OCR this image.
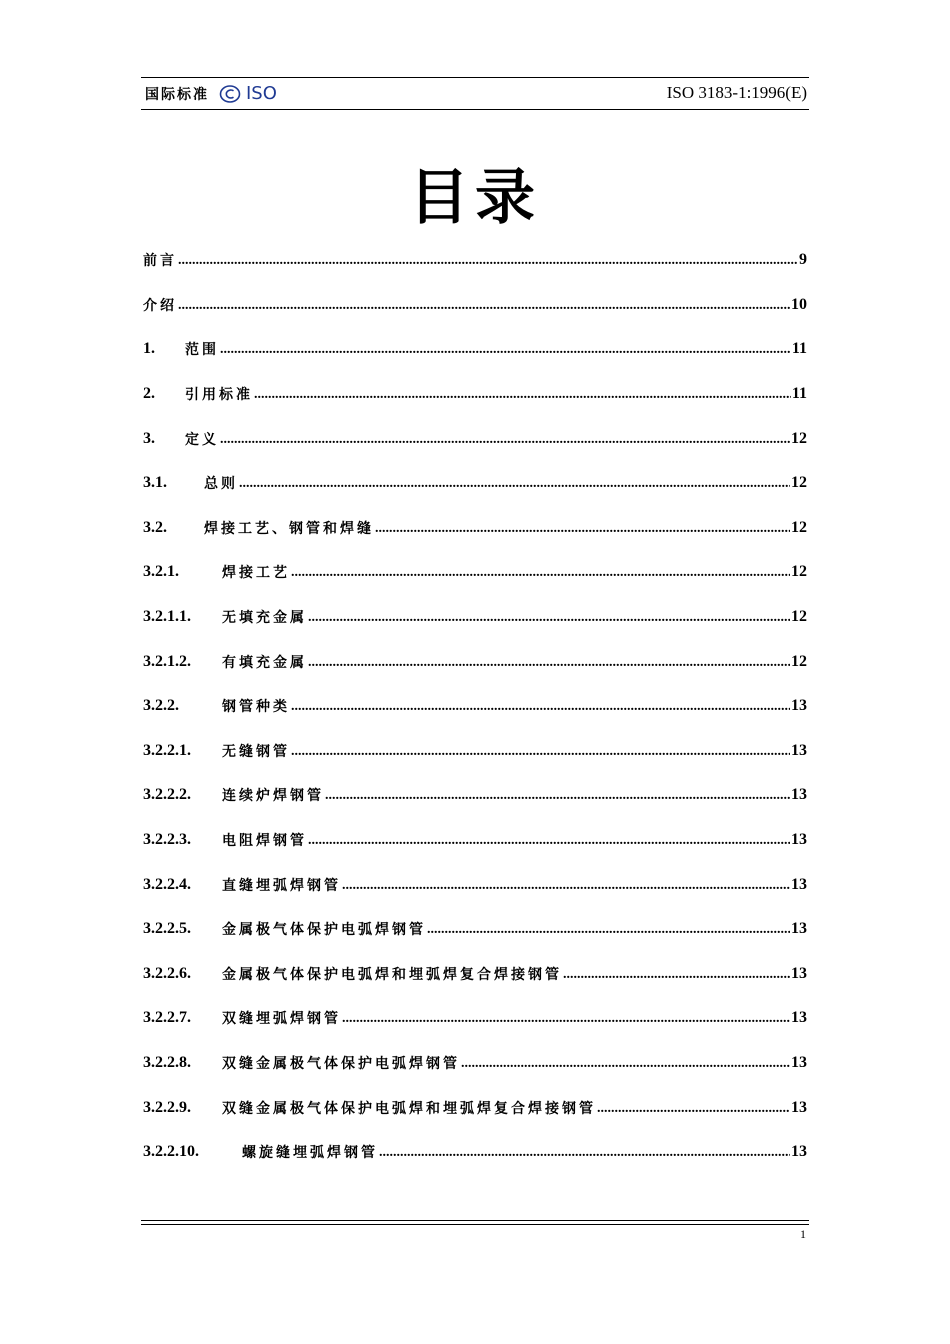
国际标准 ISO	ISO 3183-1:1996(E)
目录
前言 .....	9
介绍 .....	10
1.	范围 .....	11
2.	引用标准 .....	11
3.	定义 .....	12
3.1.	总则 .....	12
3.2.	焊接工艺、钢管和焊缝 .....	12
3.2.1.	焊接工艺 .....	12
3.2.1.1.	无填充金属 .....	12
3.2.1.2.	有填充金属 .....	12
3.2.2.	钢管种类 .....	13
3.2.2.1.	无缝钢管 .....	13
3.2.2.2.	连续炉焊钢管 .....	13
3.2.2.3.	电阻焊钢管 .....	13
3.2.2.4.	直缝埋弧焊钢管 .....	13
3.2.2.5.	金属极气体保护电弧焊钢管 .....	13
3.2.2.6.	金属极气体保护电弧焊和埋弧焊复合焊接钢管 .....	13
3.2.2.7.	双缝埋弧焊钢管 .....	13
3.2.2.8.	双缝金属极气体保护电弧焊钢管 .....	13
3.2.2.9.	双缝金属极气体保护电弧焊和埋弧焊复合焊接钢管 .....	13
3.2.2.10.	螺旋缝埋弧焊钢管 .....	13
1
